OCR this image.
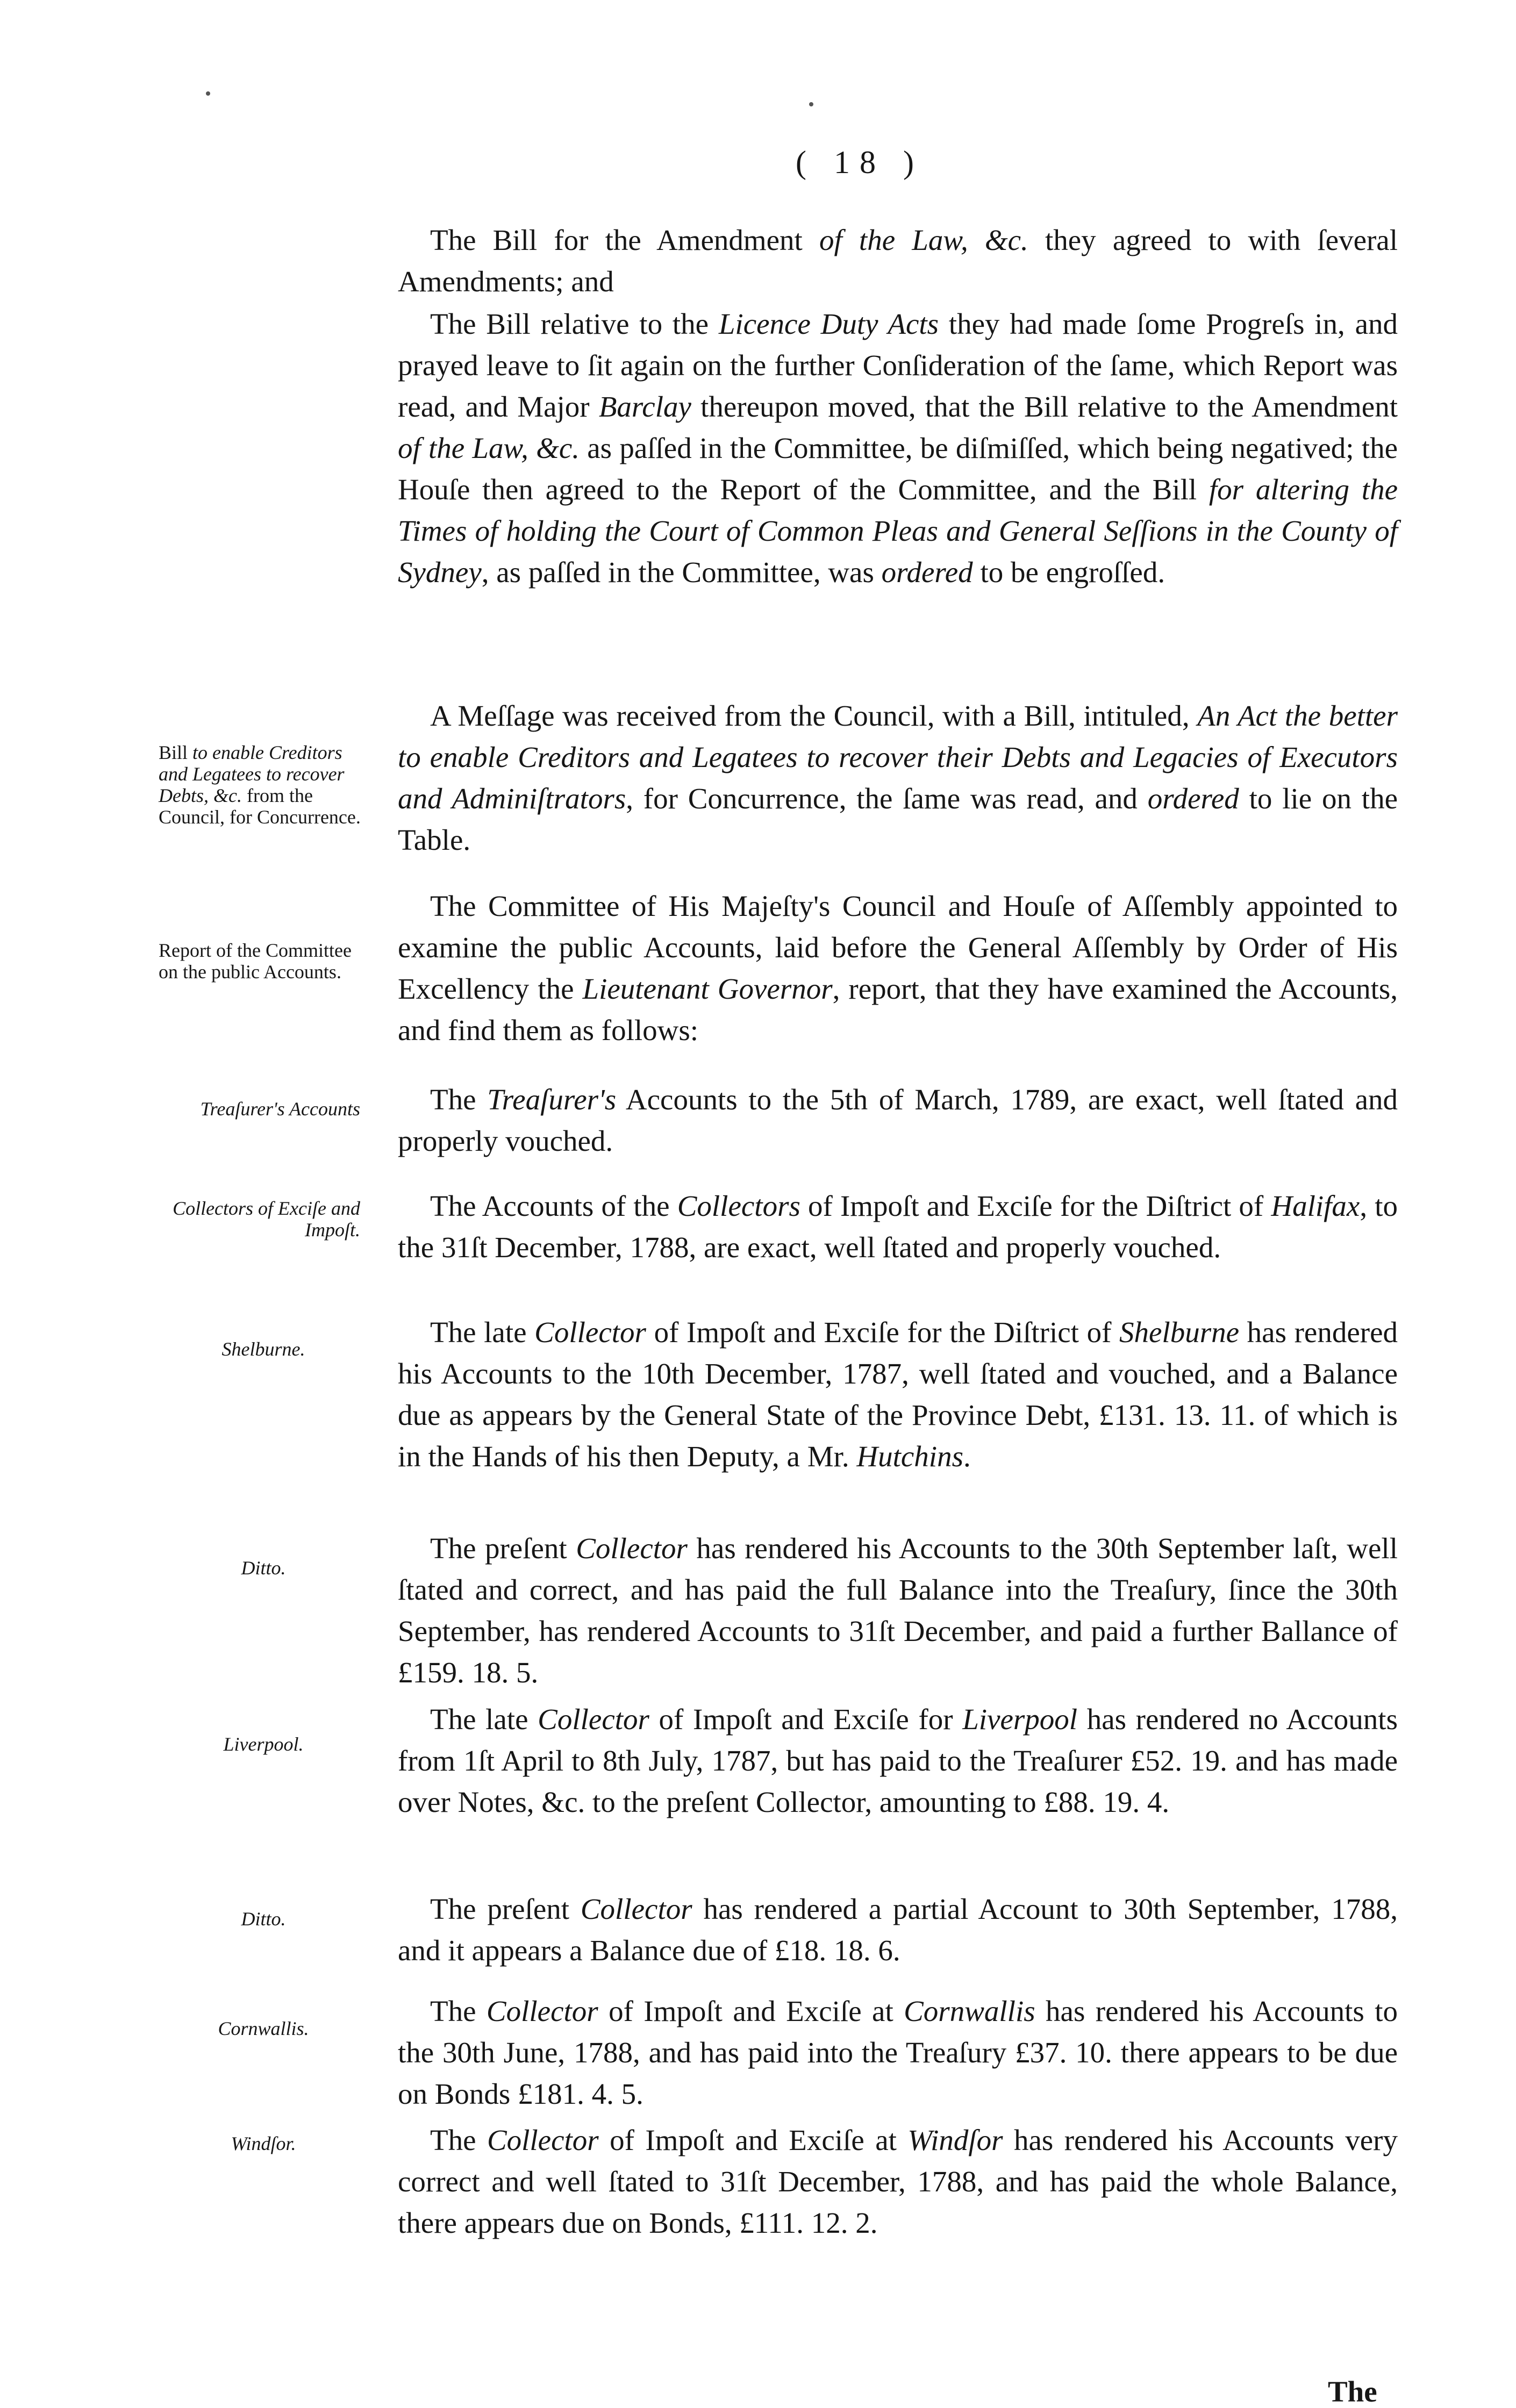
( 18 )

The Bill for the Amendment of the Law, &c. they agreed to with ſeveral Amendments; and

The Bill relative to the Licence Duty Acts they had made ſome Progreſs in, and prayed leave to ſit again on the further Conſideration of the ſame, which Report was read, and Major Barclay thereupon moved, that the Bill relative to the Amendment of the Law, &c. as paſſed in the Committee, be diſmiſſed, which being negatived; the Houſe then agreed to the Report of the Committee, and the Bill for altering the Times of holding the Court of Common Pleas and General Seſſions in the County of Sydney, as paſſed in the Committee, was ordered to be engroſſed.

A Meſſage was received from the Council, with a Bill, intituled, An Act the better to enable Creditors and Legatees to recover their Debts and Legacies of Executors and Adminiſtrators, for Concurrence, the ſame was read, and ordered to lie on the Table.

The Committee of His Majeſty's Council and Houſe of Aſſembly appointed to examine the public Accounts, laid before the General Aſſembly by Order of His Excellency the Lieutenant Governor, report, that they have examined the Accounts, and find them as follows:

The Treaſurer's Accounts to the 5th of March, 1789, are exact, well ſtated and properly vouched.

The Accounts of the Collectors of Impoſt and Exciſe for the Diſtrict of Halifax, to the 31ſt December, 1788, are exact, well ſtated and properly vouched.

The late Collector of Impoſt and Exciſe for the Diſtrict of Shelburne has rendered his Accounts to the 10th December, 1787, well ſtated and vouched, and a Balance due as appears by the General State of the Province Debt, £131. 13. 11. of which is in the Hands of his then Deputy, a Mr. Hutchins.

The preſent Collector has rendered his Accounts to the 30th September laſt, well ſtated and correct, and has paid the full Balance into the Treaſury, ſince the 30th September, has rendered Accounts to 31ſt December, and paid a further Ballance of £159. 18. 5.

The late Collector of Impoſt and Exciſe for Liverpool has rendered no Accounts from 1ſt April to 8th July, 1787, but has paid to the Treaſurer £52. 19. and has made over Notes, &c. to the preſent Collector, amounting to £88. 19. 4.

The preſent Collector has rendered a partial Account to 30th September, 1788, and it appears a Balance due of £18. 18. 6.

The Collector of Impoſt and Exciſe at Cornwallis has rendered his Accounts to the 30th June, 1788, and has paid into the Treaſury £37. 10. there appears to be due on Bonds £181. 4. 5.

The Collector of Impoſt and Exciſe at Windſor has rendered his Accounts very correct and well ſtated to 31ſt December, 1788, and has paid the whole Balance, there appears due on Bonds, £111. 12. 2.

Bill to enable Creditors and Legatees to recover Debts, &c. from the Council, for Concurrence.
Report of the Committee on the public Accounts.
Treaſurer's Accounts
Collectors of Exciſe and Impoſt.
Shelburne.
Ditto.
Liverpool.
Ditto.
Cornwallis.
Windſor.
The
